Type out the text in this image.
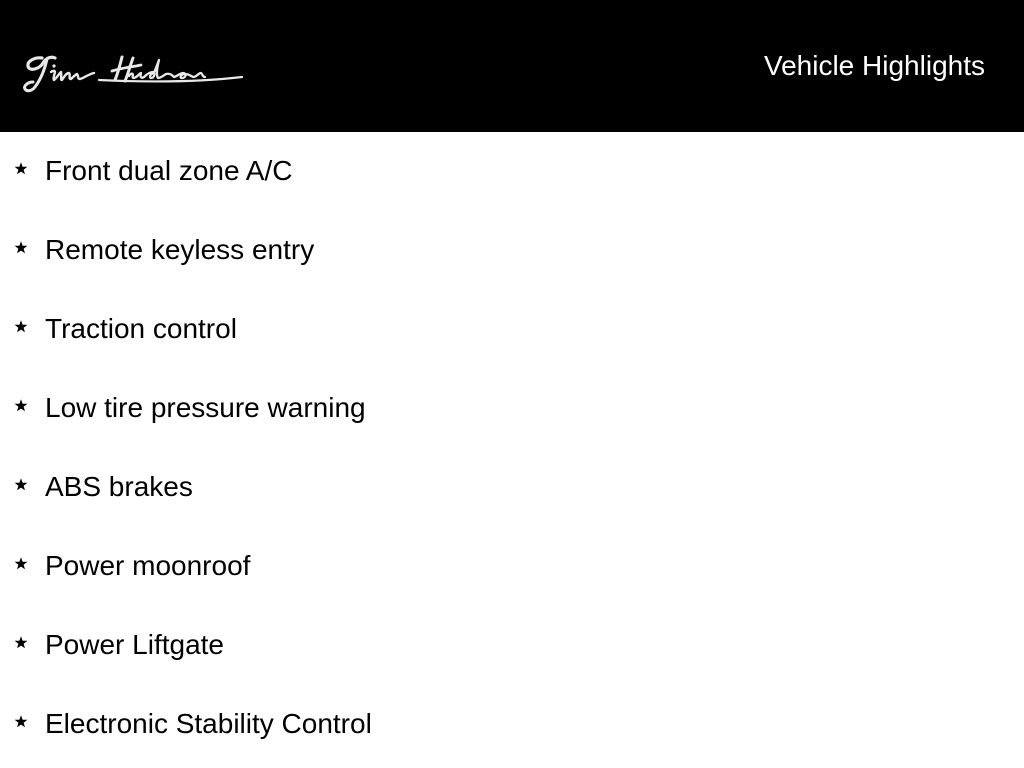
Vehicle Highlights
Front dual zone A/C
Remote keyless entry
Traction control
Low tire pressure warning
ABS brakes
Power moonroof
Power Liftgate
Electronic Stability Control
